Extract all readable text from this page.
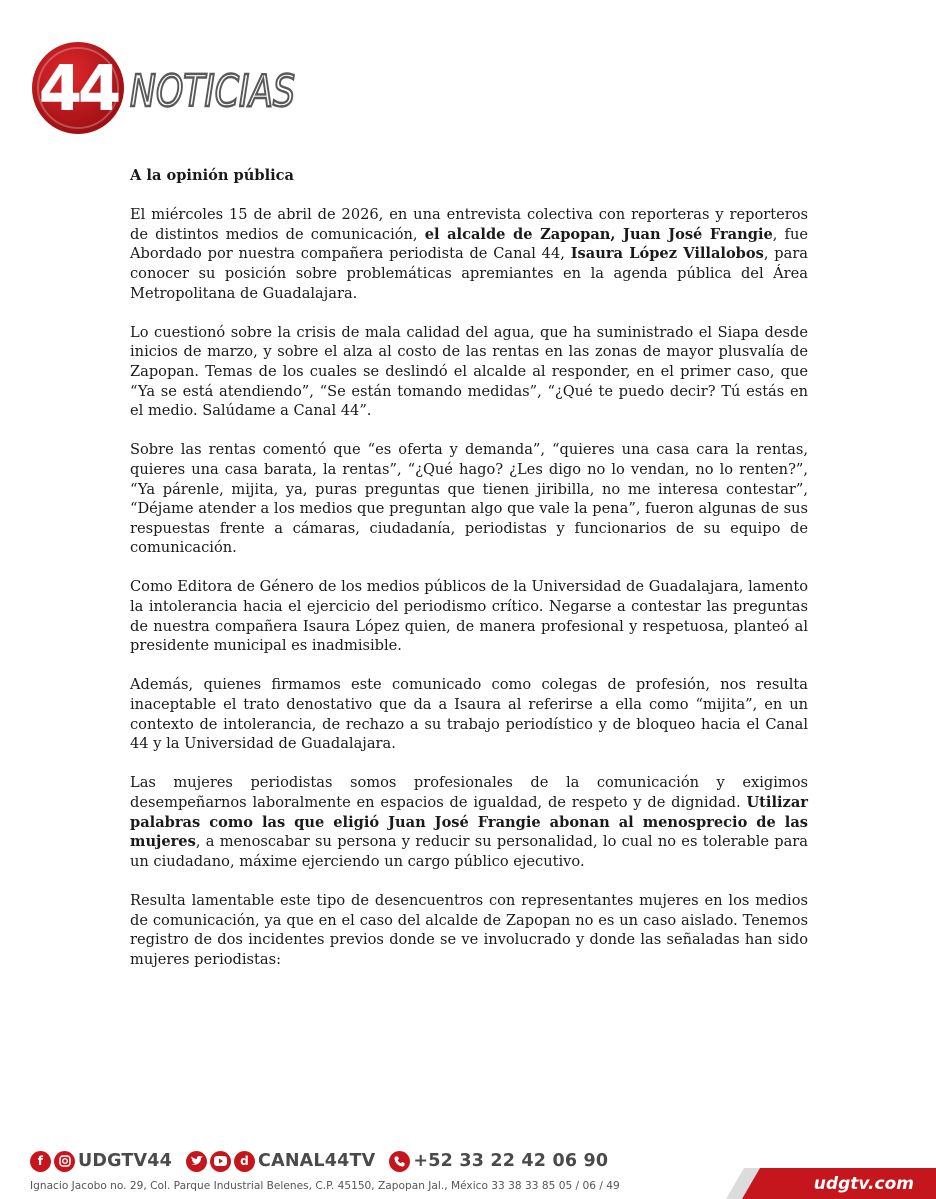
44 NOTICIAS
A la opinión pública

El miércoles 15 de abril de 2026, en una entrevista colectiva con reporteras y reporteros de distintos medios de comunicación, el alcalde de Zapopan, Juan José Frangie, fue Abordado por nuestra compañera periodista de Canal 44, Isaura López Villalobos, para conocer su posición sobre problemáticas apremiantes en la agenda pública del Área Metropolitana de Guadalajara.

Lo cuestionó sobre la crisis de mala calidad del agua, que ha suministrado el Siapa desde inicios de marzo, y sobre el alza al costo de las rentas en las zonas de mayor plusvalía de Zapopan. Temas de los cuales se deslindó el alcalde al responder, en el primer caso, que “Ya se está atendiendo”, “Se están tomando medidas”, “¿Qué te puedo decir? Tú estás en el medio. Salúdame a Canal 44”.

Sobre las rentas comentó que “es oferta y demanda”, “quieres una casa cara la rentas, quieres una casa barata, la rentas”, “¿Qué hago? ¿Les digo no lo vendan, no lo renten?”, “Ya párenle, mijita, ya, puras preguntas que tienen jiribilla, no me interesa contestar”, “Déjame atender a los medios que preguntan algo que vale la pena”, fueron algunas de sus respuestas frente a cámaras, ciudadanía, periodistas y funcionarios de su equipo de comunicación.

Como Editora de Género de los medios públicos de la Universidad de Guadalajara, lamento la intolerancia hacia el ejercicio del periodismo crítico. Negarse a contestar las preguntas de nuestra compañera Isaura López quien, de manera profesional y respetuosa, planteó al presidente municipal es inadmisible.

Además, quienes firmamos este comunicado como colegas de profesión, nos resulta inaceptable el trato denostativo que da a Isaura al referirse a ella como “mijita”, en un contexto de intolerancia, de rechazo a su trabajo periodístico y de bloqueo hacia el Canal 44 y la Universidad de Guadalajara.

Las mujeres periodistas somos profesionales de la comunicación y exigimos desempeñarnos laboralmente en espacios de igualdad, de respeto y de dignidad. Utilizar palabras como las que eligió Juan José Frangie abonan al menosprecio de las mujeres, a menoscabar su persona y reducir su personalidad, lo cual no es tolerable para un ciudadano, máxime ejerciendo un cargo público ejecutivo.

Resulta lamentable este tipo de desencuentros con representantes mujeres en los medios de comunicación, ya que en el caso del alcalde de Zapopan no es un caso aislado. Tenemos registro de dos incidentes previos donde se ve involucrado y donde las señaladas han sido mujeres periodistas:

f	UDGTV44	d CANAL44TV +52 33 22 42 06 90
Ignacio Jacobo no. 29, Col. Parque Industrial Belenes, C.P. 45150, Zapopan Jal., México 33 38 33 85 05 / 06 / 49	udgtv.com
